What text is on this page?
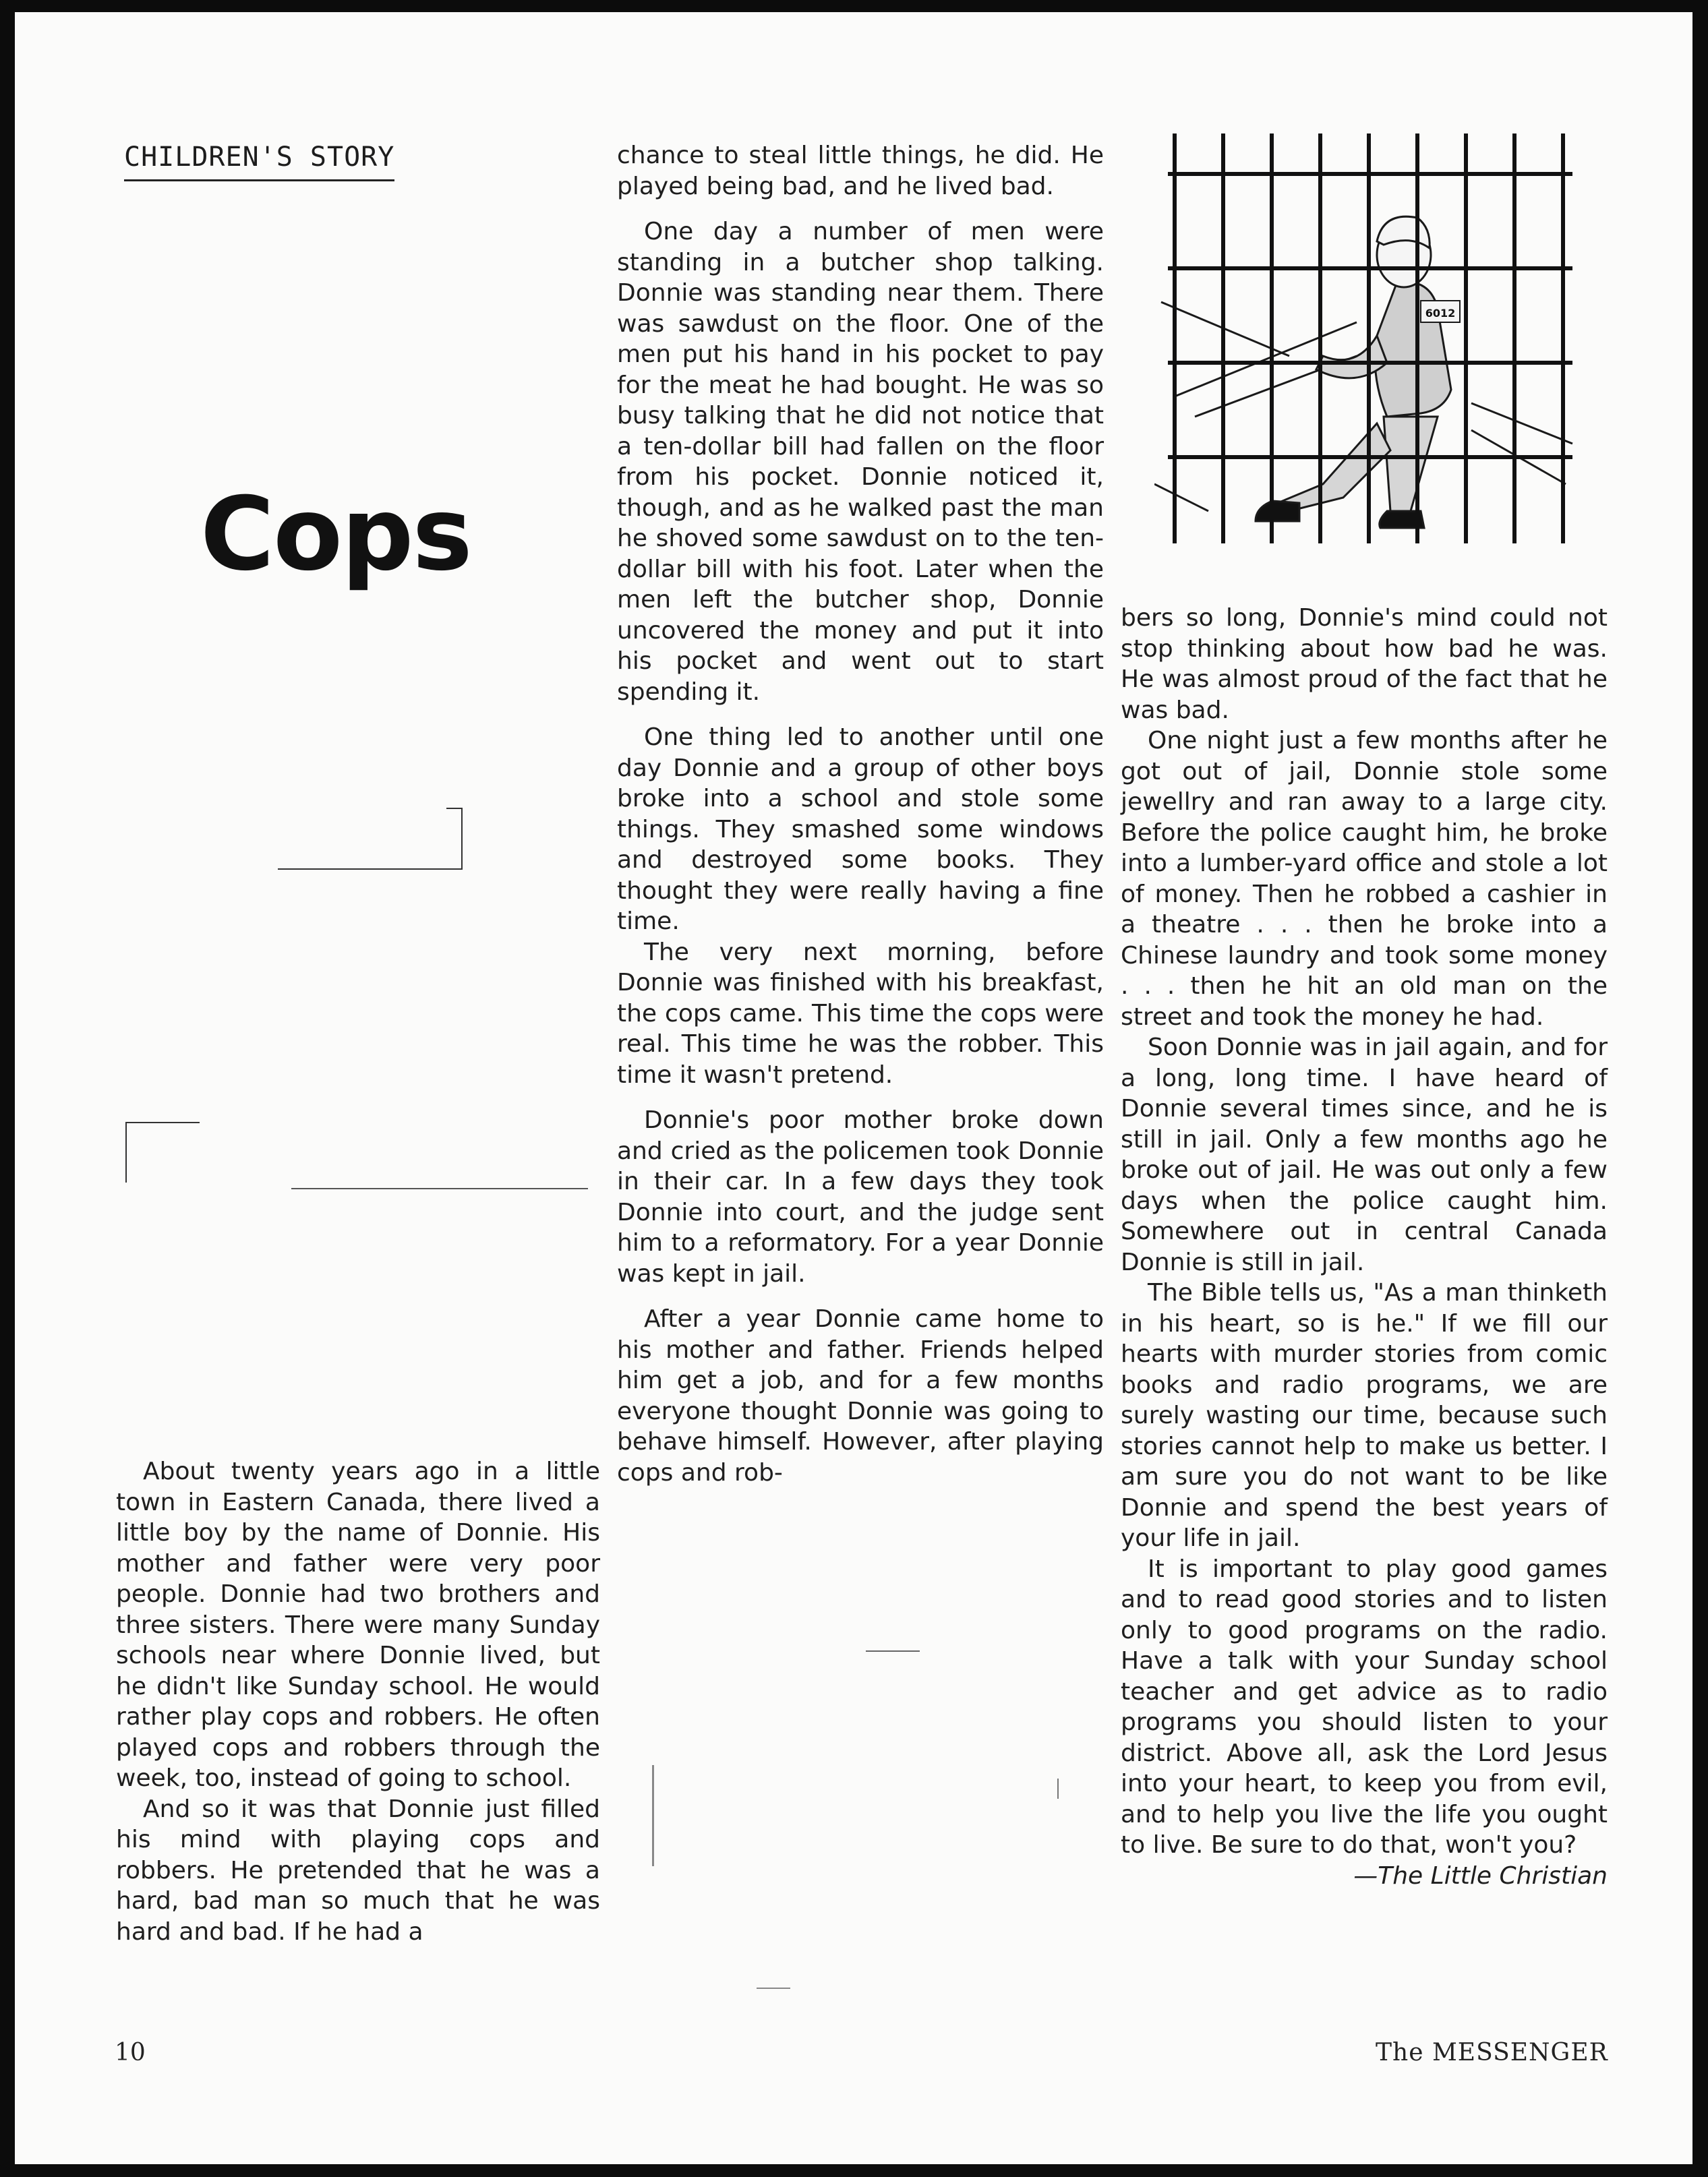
CHILDREN'S STORY
Cops

About twenty years ago in a little town in Eastern Canada, there lived a little boy by the name of Donnie. His mother and father were very poor people. Donnie had two brothers and three sisters. There were many Sunday schools near where Donnie lived, but he didn't like Sunday school. He would rather play cops and robbers. He often played cops and robbers through the week, too, instead of going to school.

And so it was that Donnie just filled his mind with playing cops and robbers. He pretended that he was a hard, bad man so much that he was hard and bad. If he had a

chance to steal little things, he did. He played being bad, and he lived bad.

One day a number of men were standing in a butcher shop talking. Donnie was standing near them. There was sawdust on the floor. One of the men put his hand in his pocket to pay for the meat he had bought. He was so busy talking that he did not notice that a ten-dollar bill had fallen on the floor from his pocket. Donnie noticed it, though, and as he walked past the man he shoved some sawdust on to the ten-dollar bill with his foot. Later when the men left the butcher shop, Donnie uncovered the money and put it into his pocket and went out to start spending it.

One thing led to another until one day Donnie and a group of other boys broke into a school and stole some things. They smashed some windows and destroyed some books. They thought they were really having a fine time.

The very next morning, before Donnie was finished with his breakfast, the cops came. This time the cops were real. This time he was the robber. This time it wasn't pretend.

Donnie's poor mother broke down and cried as the policemen took Donnie in their car. In a few days they took Donnie into court, and the judge sent him to a reformatory. For a year Donnie was kept in jail.

After a year Donnie came home to his mother and father. Friends helped him get a job, and for a few months everyone thought Donnie was going to behave himself. However, after playing cops and rob-

6012

bers so long, Donnie's mind could not stop thinking about how bad he was. He was almost proud of the fact that he was bad.

One night just a few months after he got out of jail, Donnie stole some jewellry and ran away to a large city. Before the police caught him, he broke into a lumber-yard office and stole a lot of money. Then he robbed a cashier in a theatre . . . then he broke into a Chinese laundry and took some money . . . then he hit an old man on the street and took the money he had.

Soon Donnie was in jail again, and for a long, long time. I have heard of Donnie several times since, and he is still in jail. Only a few months ago he broke out of jail. He was out only a few days when the police caught him. Somewhere out in central Canada Donnie is still in jail.

The Bible tells us, "As a man thinketh in his heart, so is he." If we fill our hearts with murder stories from comic books and radio programs, we are surely wasting our time, because such stories cannot help to make us better. I am sure you do not want to be like Donnie and spend the best years of your life in jail.

It is important to play good games and to read good stories and to listen only to good programs on the radio. Have a talk with your Sunday school teacher and get advice as to radio programs you should listen to your district. Above all, ask the Lord Jesus into your heart, to keep you from evil, and to help you live the life you ought to live. Be sure to do that, won't you?

—The Little Christian

10	The MESSENGER
